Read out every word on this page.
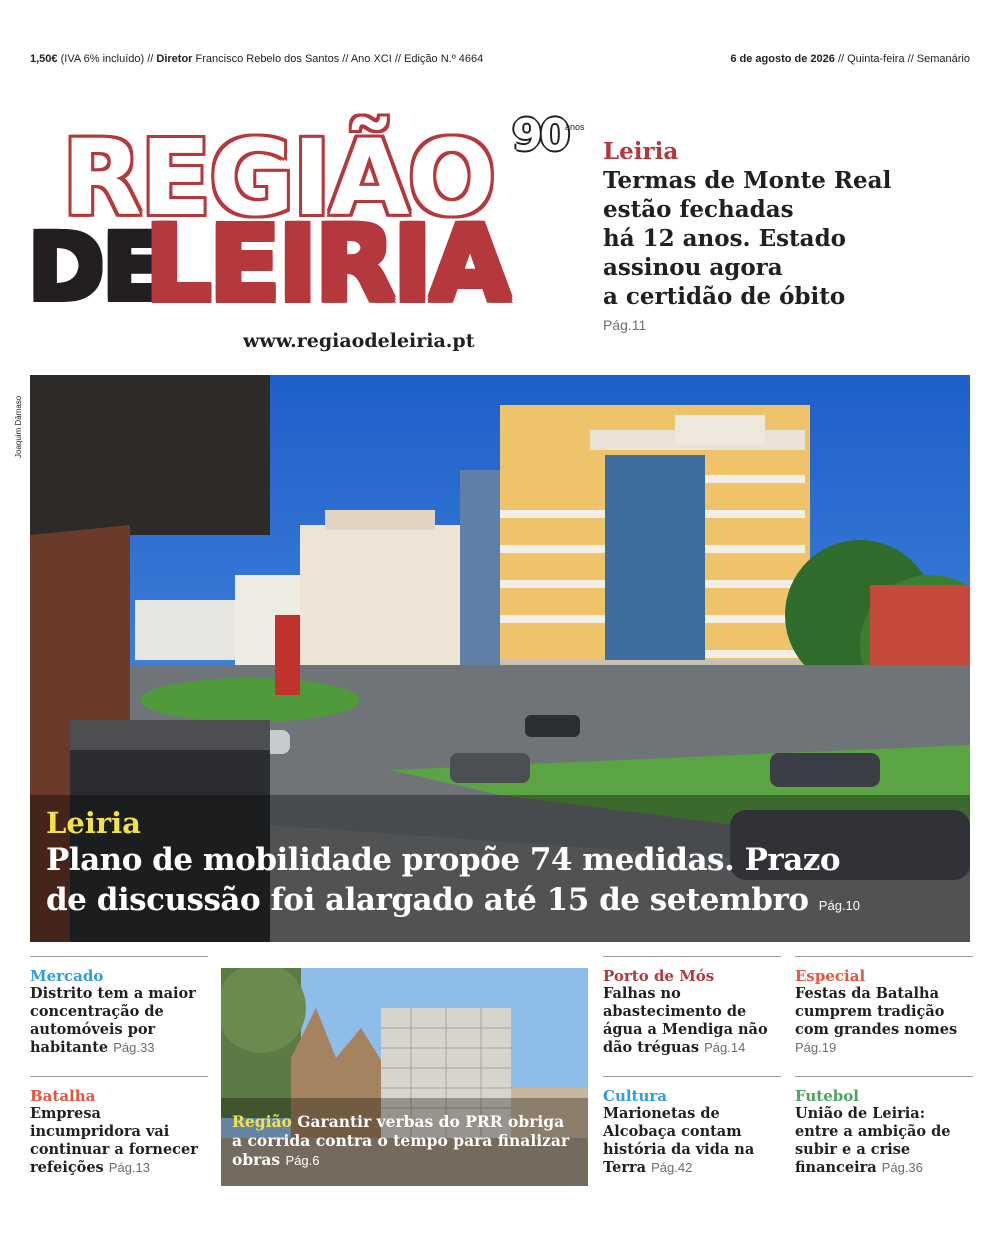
1,50€ (IVA 6% incluído) // Diretor Francisco Rebelo dos Santos // Ano XCI // Edição N.º 4664	6 de agosto de 2026 // Quinta-feira // Semanário
REGIÃO
DE
LEIRIA
90
anos
www.regiaodeleiria.pt
Leiria
Termas de Monte Real
estão fechadas
há 12 anos. Estado
assinou agora
a certidão de óbito
Pág.11
Joaquim Dâmaso
Leiria
Plano de mobilidade propõe 74 medidas. Prazo
de discussão foi alargado até 15 de setembro Pág.10
Mercado
Distrito tem a maior concentração de automóveis por habitante Pág.33
Batalha
Empresa incumpridora vai continuar a fornecer refeições Pág.13
Região Garantir verbas do PRR obriga a corrida contra o tempo para finalizar obras Pág.6
Porto de Mós
Falhas no abastecimento de água a Mendiga não dão tréguas Pág.14
Cultura
Marionetas de Alcobaça contam história da vida na Terra Pág.42
Especial
Festas da Batalha cumprem tradição com grandes nomes Pág.19
Futebol
União de Leiria: entre a ambição de subir e a crise financeira Pág.36
